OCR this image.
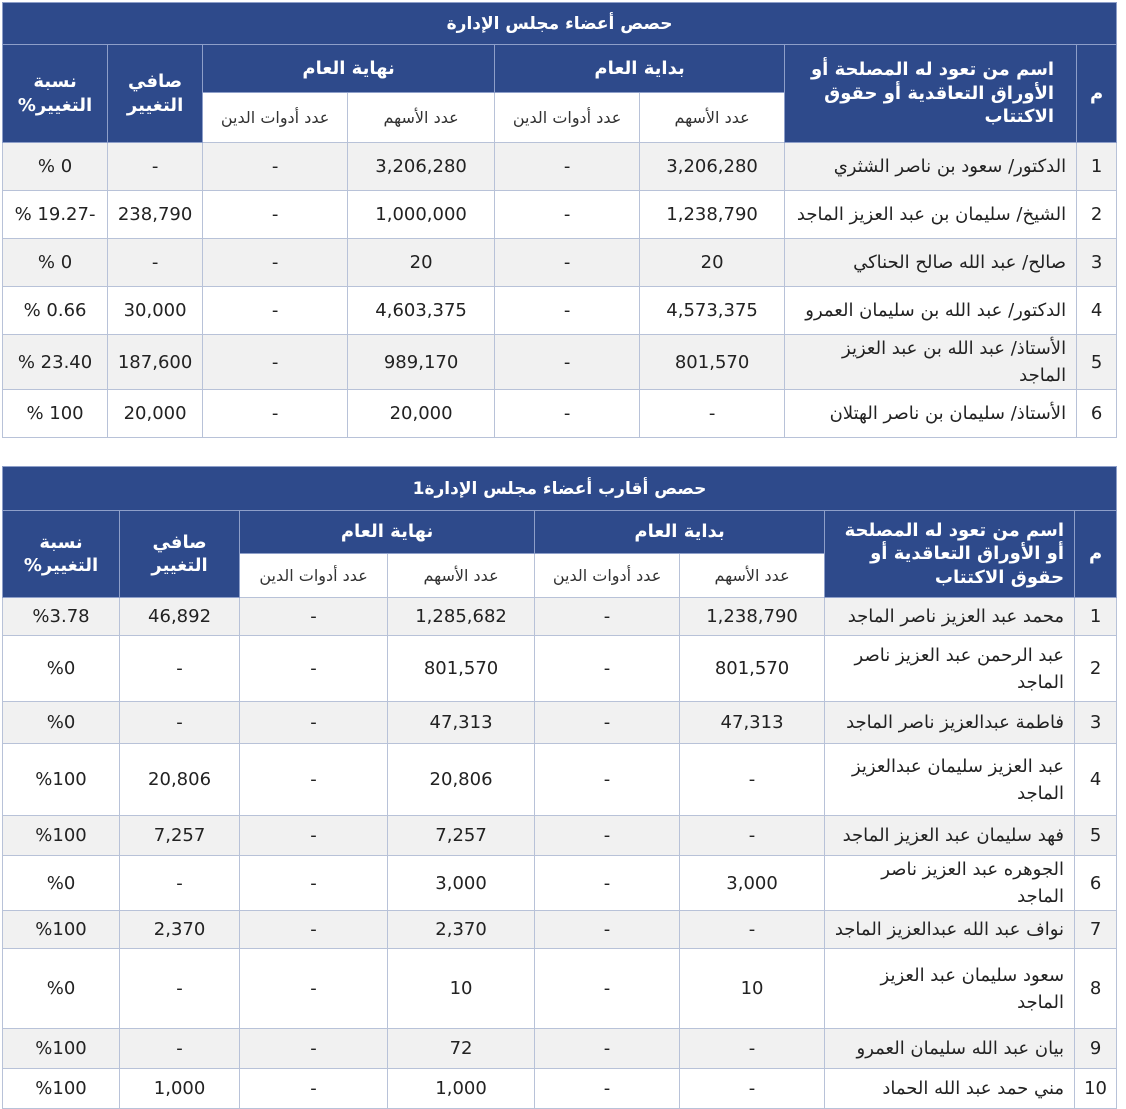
حصص أعضاء مجلس الإدارة							
م	اسم من تعود له المصلحة أو الأوراق التعاقدية أو حقوق الاكتتاب	بداية العام		نهاية العام		صافي التغيير	نسبة التغيير%
		عدد الأسهم	عدد أدوات الدين	عدد الأسهم	عدد أدوات الدين		
1	الدكتور/ سعود بن ناصر الشثري	3,206,280	-	3,206,280	-	-	% 0
2	الشيخ/ سليمان بن عبد العزيز الماجد	1,238,790	-	1,000,000	-	238,790	% 19.27-
3	صالح/ عبد الله صالح الحناكي	20	-	20	-	-	% 0
4	الدكتور/ عبد الله بن سليمان العمرو	4,573,375	-	4,603,375	-	30,000	% 0.66
5	الأستاذ/ عبد الله بن عبد العزيز الماجد	801,570	-	989,170	-	187,600	% 23.40
6	الأستاذ/ سليمان بن ناصر الهتلان	-	-	20,000	-	20,000	% 100
حصص أقارب أعضاء مجلس الإدارة1							
م	اسم من تعود له المصلحة أو الأوراق التعاقدية أو حقوق الاكتتاب	بداية العام		نهاية العام		صافي التغيير	نسبة التغيير%
		عدد الأسهم	عدد أدوات الدين	عدد الأسهم	عدد أدوات الدين		
1	محمد عبد العزيز ناصر الماجد	1,238,790	-	1,285,682	-	46,892	%3.78
2	عبد الرحمن عبد العزيز ناصر الماجد	801,570	-	801,570	-	-	%0
3	فاطمة عبدالعزيز ناصر الماجد	47,313	-	47,313	-	-	%0
4	عبد العزيز سليمان عبدالعزيز الماجد	-	-	20,806	-	20,806	%100
5	فهد سليمان عبد العزيز الماجد	-	-	7,257	-	7,257	%100
6	الجوهره عبد العزيز ناصر الماجد	3,000	-	3,000	-	-	%0
7	نواف عبد الله عبدالعزيز الماجد	-	-	2,370	-	2,370	%100
8	سعود سليمان عبد العزيز الماجد	10	-	10	-	-	%0
9	بيان عبد الله سليمان العمرو	-	-	72	-	-	%100
10	مني حمد عبد الله الحماد	-	-	1,000	-	1,000	%100
